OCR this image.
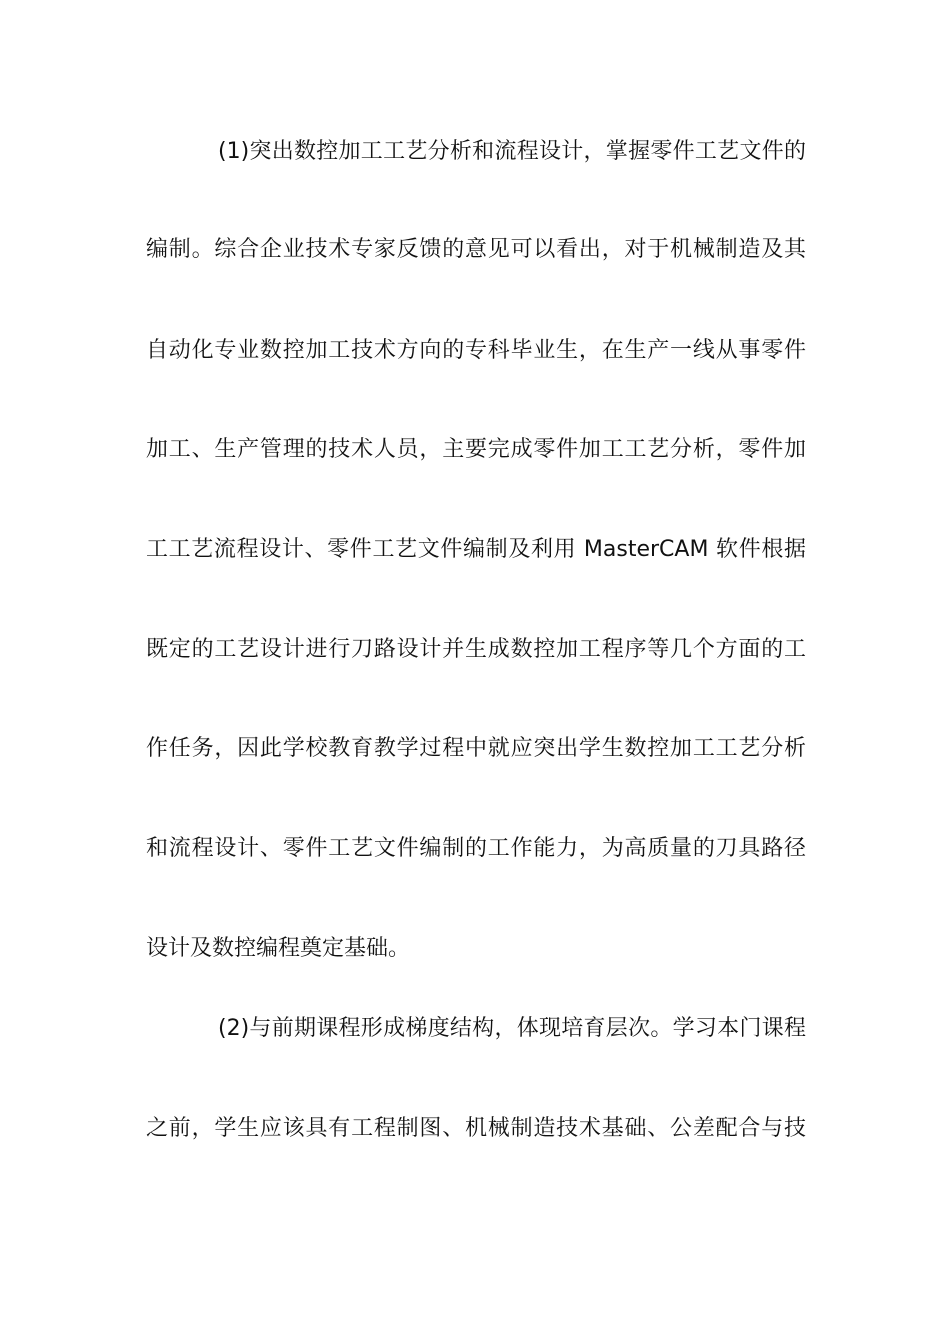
(1)突出数控加工工艺分析和流程设计，掌握零件工艺文件的
编制。综合企业技术专家反馈的意见可以看出，对于机械制造及其
自动化专业数控加工技术方向的专科毕业生，在生产一线从事零件
加工、生产管理的技术人员，主要完成零件加工工艺分析，零件加
工工艺流程设计、零件工艺文件编制及利用 MasterCAM 软件根据
既定的工艺设计进行刀路设计并生成数控加工程序等几个方面的工
作任务，因此学校教育教学过程中就应突出学生数控加工工艺分析
和流程设计、零件工艺文件编制的工作能力，为高质量的刀具路径
设计及数控编程奠定基础。
(2)与前期课程形成梯度结构，体现培育层次。学习本门课程
之前，学生应该具有工程制图、机械制造技术基础、公差配合与技
